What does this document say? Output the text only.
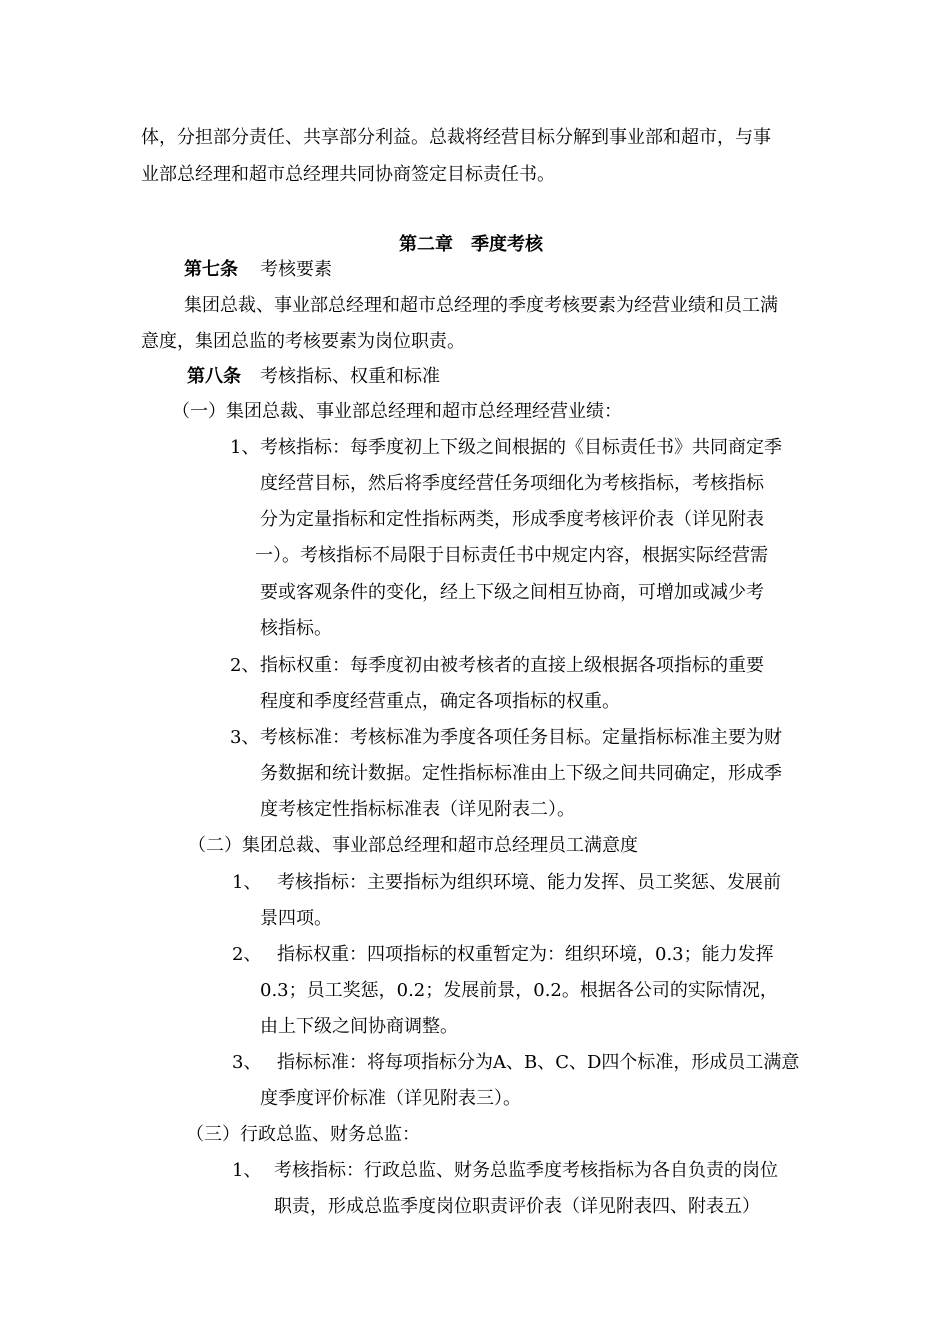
体，分担部分责任、共享部分利益。总裁将经营目标分解到事业部和超市，与事
业部总经理和超市总经理共同协商签定目标责任书。
第二章　季度考核
第七条 考核要素
集团总裁、事业部总经理和超市总经理的季度考核要素为经营业绩和员工满
意度，集团总监的考核要素为岗位职责。
第八条 考核指标、权重和标准
（一）集团总裁、事业部总经理和超市总经理经营业绩：
1、 考核指标：每季度初上下级之间根据的《目标责任书》共同商定季
度经营目标，然后将季度经营任务项细化为考核指标，考核指标
分为定量指标和定性指标两类，形成季度考核评价表（详见附表
一）。考核指标不局限于目标责任书中规定内容，根据实际经营需
要或客观条件的变化，经上下级之间相互协商，可增加或减少考
核指标。
2、 指标权重：每季度初由被考核者的直接上级根据各项指标的重要
程度和季度经营重点，确定各项指标的权重。
3、 考核标准：考核标准为季度各项任务目标。定量指标标准主要为财
务数据和统计数据。定性指标标准由上下级之间共同确定，形成季
度考核定性指标标准表（详见附表二）。
（二）集团总裁、事业部总经理和超市总经理员工满意度
1、 考核指标：主要指标为组织环境、能力发挥、员工奖惩、发展前
景四项。
2、 指标权重：四项指标的权重暂定为：组织环境，0.3；能力发挥
0.3；员工奖惩，0.2；发展前景，0.2。根据各公司的实际情况，
由上下级之间协商调整。
3、 指标标准：将每项指标分为A、B、C、D四个标准，形成员工满意
度季度评价标准（详见附表三）。
（三）行政总监、财务总监：
1、 考核指标：行政总监、财务总监季度考核指标为各自负责的岗位
职责，形成总监季度岗位职责评价表（详见附表四、附表五）
